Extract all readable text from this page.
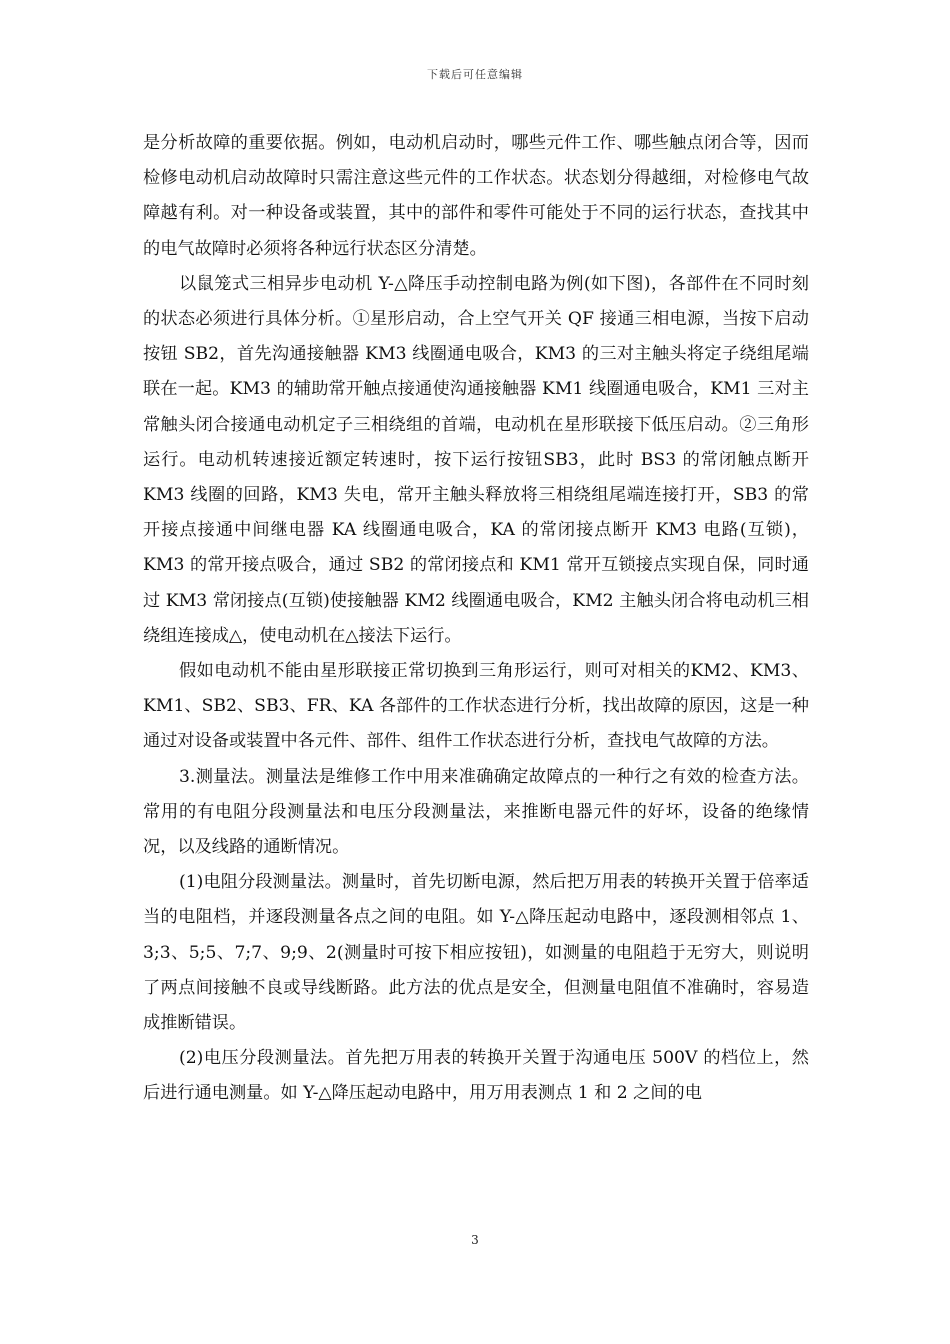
下载后可任意编辑

是分析故障的重要依据。例如，电动机启动时，哪些元件工作、哪些触点闭合等，因而检修电动机启动故障时只需注意这些元件的工作状态。状态划分得越细，对检修电气故障越有利。对一种设备或装置，其中的部件和零件可能处于不同的运行状态，查找其中的电气故障时必须将各种远行状态区分清楚。

以鼠笼式三相异步电动机 Y-△降压手动控制电路为例(如下图)，各部件在不同时刻的状态必须进行具体分析。①星形启动，合上空气开关 QF 接通三相电源，当按下启动按钮 SB2，首先沟通接触器 KM3 线圈通电吸合，KM3 的三对主触头将定子绕组尾端联在一起。KM3 的辅助常开触点接通使沟通接触器 KM1 线圈通电吸合，KM1 三对主常触头闭合接通电动机定子三相绕组的首端，电动机在星形联接下低压启动。②三角形运行。电动机转速接近额定转速时，按下运行按钮SB3，此时 BS3 的常闭触点断开 KM3 线圈的回路，KM3 失电，常开主触头释放将三相绕组尾端连接打开，SB3 的常开接点接通中间继电器 KA 线圈通电吸合，KA 的常闭接点断开 KM3 电路(互锁)，KM3 的常开接点吸合，通过 SB2 的常闭接点和 KM1 常开互锁接点实现自保，同时通过 KM3 常闭接点(互锁)使接触器 KM2 线圈通电吸合，KM2 主触头闭合将电动机三相绕组连接成△，使电动机在△接法下运行。

假如电动机不能由星形联接正常切换到三角形运行，则可对相关的KM2、KM3、KM1、SB2、SB3、FR、KA 各部件的工作状态进行分析，找出故障的原因，这是一种通过对设备或装置中各元件、部件、组件工作状态进行分析，查找电气故障的方法。

3.测量法。测量法是维修工作中用来准确确定故障点的一种行之有效的检查方法。常用的有电阻分段测量法和电压分段测量法，来推断电器元件的好坏，设备的绝缘情况，以及线路的通断情况。

(1)电阻分段测量法。测量时，首先切断电源，然后把万用表的转换开关置于倍率适当的电阻档，并逐段测量各点之间的电阻。如 Y-△降压起动电路中，逐段测相邻点 1、3;3、5;5、7;7、9;9、2(测量时可按下相应按钮)，如测量的电阻趋于无穷大，则说明了两点间接触不良或导线断路。此方法的优点是安全，但测量电阻值不准确时，容易造成推断错误。

(2)电压分段测量法。首先把万用表的转换开关置于沟通电压 500V 的档位上，然后进行通电测量。如 Y-△降压起动电路中，用万用表测点 1 和 2 之间的电

3
